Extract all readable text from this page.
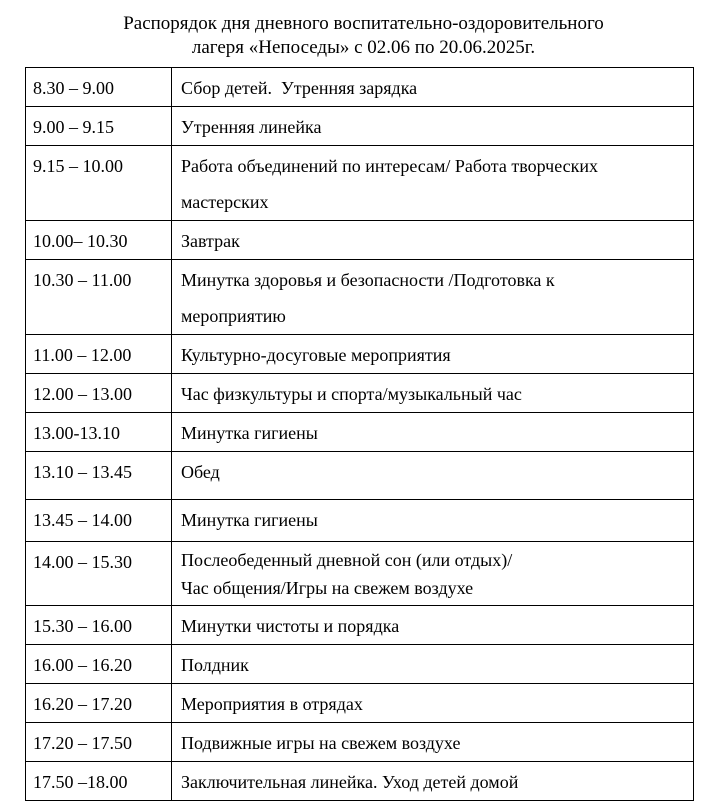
Распорядок дня дневного воспитательно-оздоровительного
лагеря «Непоседы» с 02.06 по 20.06.2025г.
8.30 – 9.00	Сбор детей.  Утренняя зарядка
9.00 – 9.15	Утренняя линейка
9.15 – 10.00	Работа объединений по интересам/ Работа творческих
мастерских
10.00– 10.30	Завтрак
10.30 – 11.00	Минутка здоровья и безопасности /Подготовка к
мероприятию
11.00 – 12.00	Культурно-досуговые мероприятия
12.00 – 13.00	Час физкультуры и спорта/музыкальный час
13.00-13.10	Минутка гигиены
13.10 – 13.45	Обед
13.45 – 14.00	Минутка гигиены
14.00 – 15.30	Послеобеденный дневной сон (или отдых)/
Час общения/Игры на свежем воздухе
15.30 – 16.00	Минутки чистоты и порядка
16.00 – 16.20	Полдник
16.20 – 17.20	Мероприятия в отрядах
17.20 – 17.50	Подвижные игры на свежем воздухе
17.50 –18.00	Заключительная линейка. Уход детей домой
